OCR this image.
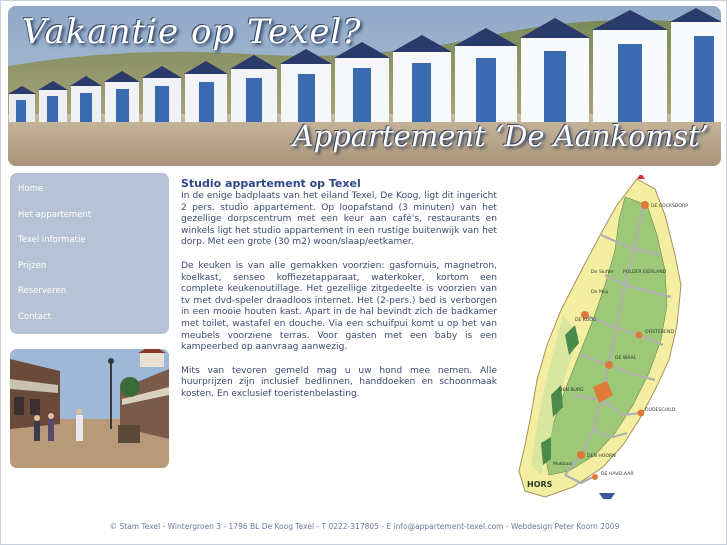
Vakantie op Texel?
Appartement ‘De Aankomst’
Home
Het appartement
Texel informatie
Prijzen
Reserveren
Contact
Studio appartement op Texel

In de enige badplaats van het eiland Texel, De Koog, ligt dit ingericht 2 pers. studio appartement. Op loopafstand (3 minuten) van het gezellige dorpscentrum met een keur aan café's, restaurants en winkels ligt het studio appartement in een rustige buitenwijk van het dorp. Met een grote (30 m2) woon/slaap/eetkamer.

De keuken is van alle gemakken voorzien: gasfornuis, magnetron, koelkast, senseo koffiezetapparaat, waterkoker, kortom een complete keukenoutillage. Het gezellige zitgedeelte is voorzien van tv met dvd-speler draadloos internet. Het (2-pers.) bed is verborgen in een mooie houten kast. Apart in de hal bevindt zich de badkamer met toilet, wastafel en douche. Via een schuifpui komt u op het van meubels voorziene terras. Voor gasten met een baby is een kampeerbed op aanvraag aanwezig.

Mits van tevoren gemeld mag u uw hond mee nemen. Alle huurprijzen zijn inclusief bedlinnen, handdoeken en schoonmaak kosten. En exclusief toeristenbelasting.

DE COCKSDORP
De Slufter POLDER EIERLAND
De Muy
DE KOOG
OOSTEREND
DE WAAL
OUDESCHILD
DEN BURG
DEN HOORN
Mokbaai
DE HAVELAAR
HORS
© Stam Texel - Wintergroen 3 - 1796 BL De Koog Texel - T 0222-317805 - E info@appartement-texel.com - Webdesign Peter Koorn 2009
